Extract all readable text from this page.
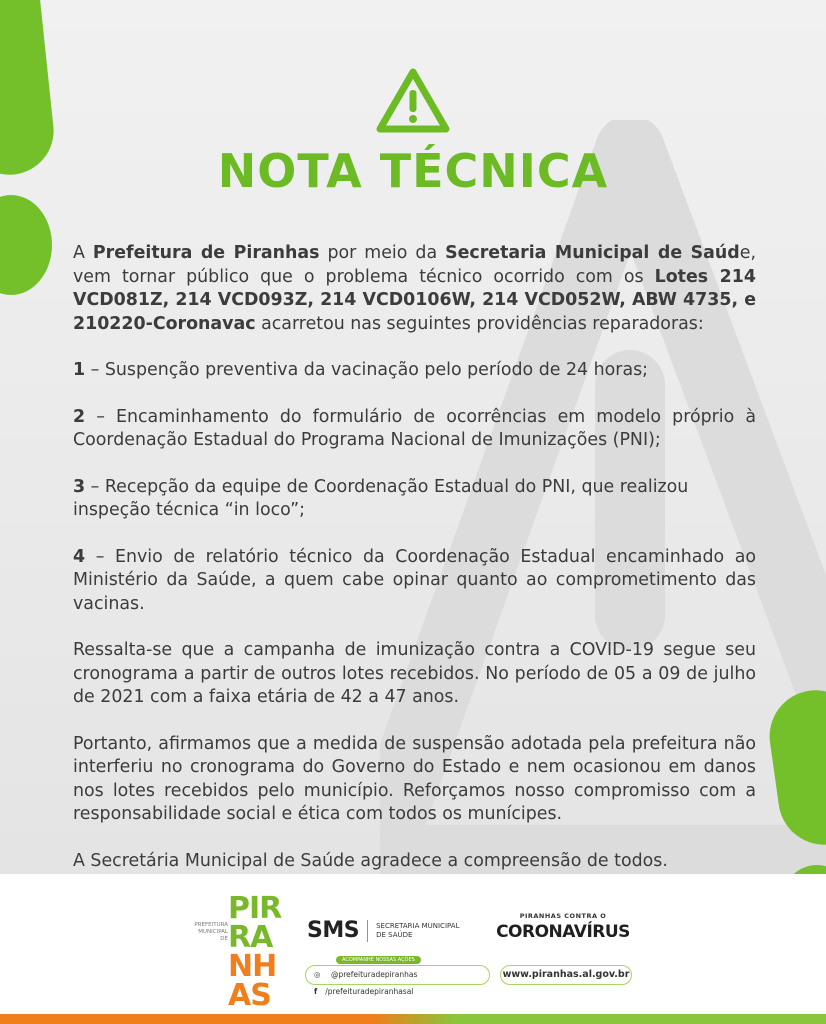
NOTA TÉCNICA

A Prefeitura de Piranhas por meio da Secretaria Municipal de Saúde, vem tornar público que o problema técnico ocorrido com os Lotes 214 VCD081Z, 214 VCD093Z, 214 VCD0106W, 214 VCD052W, ABW 4735, e 210220-Coronavac acarretou nas seguintes providências reparadoras:

1 – Suspenção preventiva da vacinação pelo período de 24 horas;

2 – Encaminhamento do formulário de ocorrências em modelo próprio à Coordenação Estadual do Programa Nacional de Imunizações (PNI);

3 – Recepção da equipe de Coordenação Estadual do PNI, que realizou inspeção técnica “in loco”;

4 – Envio de relatório técnico da Coordenação Estadual encaminhado ao Ministério da Saúde, a quem cabe opinar quanto ao comprometimento das vacinas.

Ressalta-se que a campanha de imunização contra a COVID-19 segue seu cronograma a partir de outros lotes recebidos. No período de 05 a 09 de julho de 2021 com a faixa etária de 42 a 47 anos.

Portanto, afirmamos que a medida de suspensão adotada pela prefeitura não interferiu no cronograma do Governo do Estado e nem ocasionou em danos nos lotes recebidos pelo município. Reforçamos nosso compromisso com a responsabilidade social e ética com todos os munícipes.

A Secretária Municipal de Saúde agradece a compreensão de todos.

PREFEITURA MUNICIPAL DE
PIR
RA
NH
AS
SMS SECRETARIA MUNICIPAL
DE SAÚDE
PIRANHAS CONTRA O
CORONAVÍRUS
ACOMPANHE NOSSAS AÇÕES
◎ @prefeituradepiranhas f /prefeituradepiranhasal
www.piranhas.al.gov.br
